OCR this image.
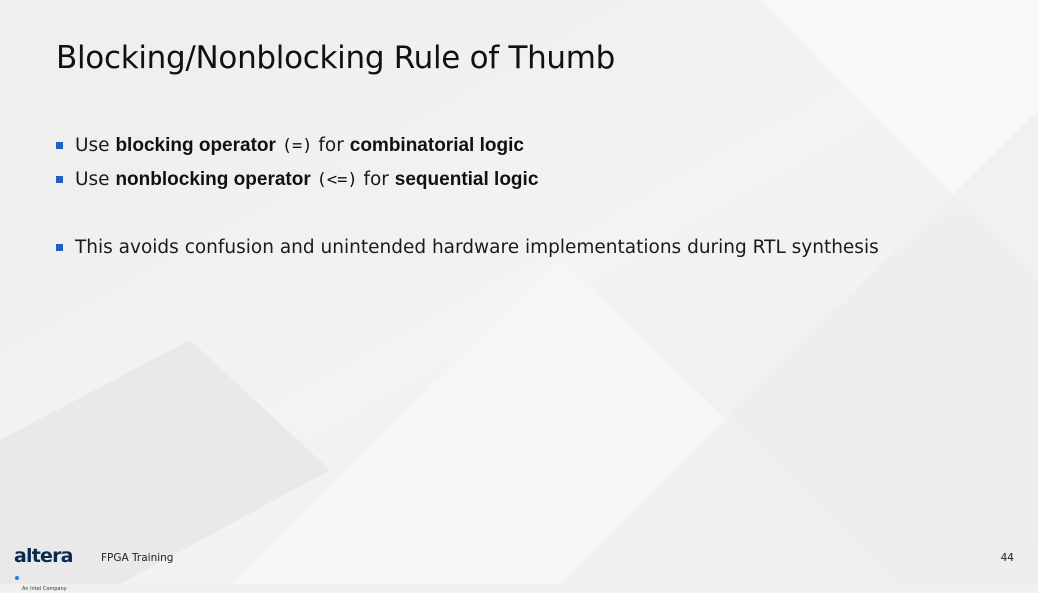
Blocking/Nonblocking Rule of Thumb
Use blocking operator (=) for combinatorial logic
Use nonblocking operator (<=) for sequential logic
This avoids confusion and unintended hardware implementations during RTL synthesis
altera
An Intel Company
FPGA Training	44
